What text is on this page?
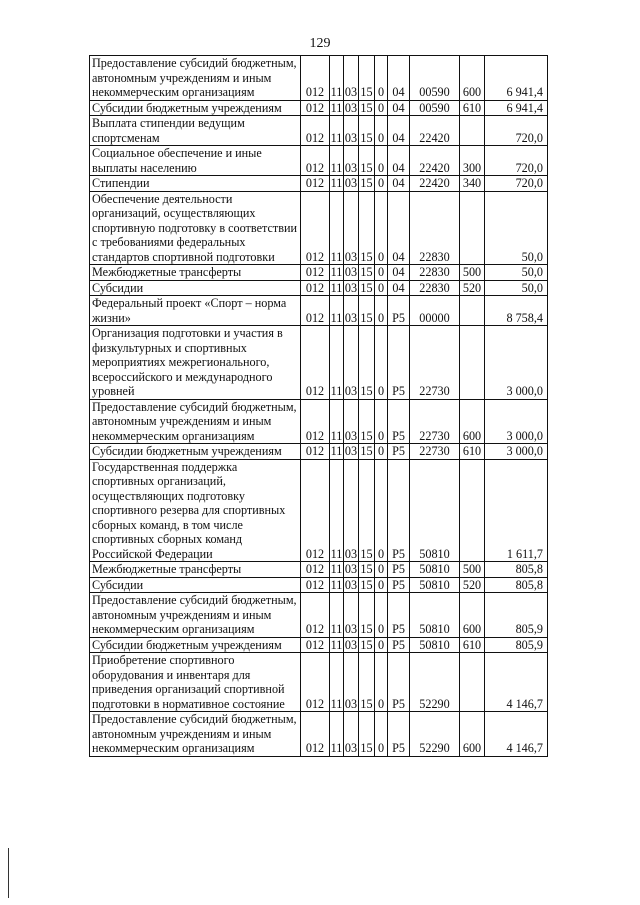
129
Предоставление субсидий бюджетным, автономным учреждениям и иным некоммерческим организациям	012	11	03	15	0	04	00590	600	6 941,4
Субсидии бюджетным учреждениям	012	11	03	15	0	04	00590	610	6 941,4
Выплата стипендии ведущим спортсменам	012	11	03	15	0	04	22420		720,0
Социальное обеспечение и иные выплаты населению	012	11	03	15	0	04	22420	300	720,0
Стипендии	012	11	03	15	0	04	22420	340	720,0
Обеспечение деятельности организаций, осуществляющих спортивную подготовку в соответствии с требованиями федеральных стандартов спортивной подготовки	012	11	03	15	0	04	22830		50,0
Межбюджетные трансферты	012	11	03	15	0	04	22830	500	50,0
Субсидии	012	11	03	15	0	04	22830	520	50,0
Федеральный проект «Спорт – норма жизни»	012	11	03	15	0	P5	00000		8 758,4
Организация подготовки и участия в физкультурных и спортивных мероприятиях межрегионального, всероссийского и международного уровней	012	11	03	15	0	P5	22730		3 000,0
Предоставление субсидий бюджетным, автономным учреждениям и иным некоммерческим организациям	012	11	03	15	0	P5	22730	600	3 000,0
Субсидии бюджетным учреждениям	012	11	03	15	0	P5	22730	610	3 000,0
Государственная поддержка спортивных организаций, осуществляющих подготовку спортивного резерва для спортивных сборных команд, в том числе спортивных сборных команд Российской Федерации	012	11	03	15	0	P5	50810		1 611,7
Межбюджетные трансферты	012	11	03	15	0	P5	50810	500	805,8
Субсидии	012	11	03	15	0	P5	50810	520	805,8
Предоставление субсидий бюджетным, автономным учреждениям и иным некоммерческим организациям	012	11	03	15	0	P5	50810	600	805,9
Субсидии бюджетным учреждениям	012	11	03	15	0	P5	50810	610	805,9
Приобретение спортивного оборудования и инвентаря для приведения организаций спортивной подготовки в нормативное состояние	012	11	03	15	0	P5	52290		4 146,7
Предоставление субсидий бюджетным, автономным учреждениям и иным некоммерческим организациям	012	11	03	15	0	P5	52290	600	4 146,7
